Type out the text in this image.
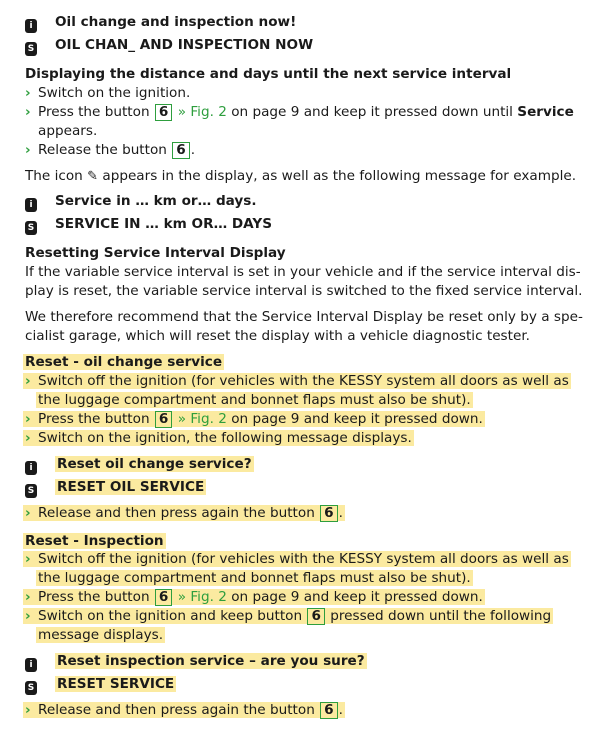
i Oil change and inspection now!
S OIL CHAN_ AND INSPECTION NOW
Displaying the distance and days until the next service interval
› Switch on the ignition.
› Press the button 6 » Fig. 2 on page 9 and keep it pressed down until Service
appears.
› Release the button 6 .
The icon ✎ appears in the display, as well as the following message for example.
i Service in … km or… days.
S SERVICE IN … km OR… DAYS
Resetting Service Interval Display
If the variable service interval is set in your vehicle and if the service interval dis-
play is reset, the variable service interval is switched to the fixed service interval.
We therefore recommend that the Service Interval Display be reset only by a spe-
cialist garage, which will reset the display with a vehicle diagnostic tester.
Reset - oil change service
› Switch off the ignition (for vehicles with the KESSY system all doors as well as
the luggage compartment and bonnet flaps must also be shut).
› Press the button 6 » Fig. 2 on page 9 and keep it pressed down.
› Switch on the ignition, the following message displays.
i Reset oil change service?
S RESET OIL SERVICE
› Release and then press again the button 6 .
Reset - Inspection
› Switch off the ignition (for vehicles with the KESSY system all doors as well as
the luggage compartment and bonnet flaps must also be shut).
› Press the button 6 » Fig. 2 on page 9 and keep it pressed down.
› Switch on the ignition and keep button 6 pressed down until the following
message displays.
i Reset inspection service – are you sure?
S RESET SERVICE
› Release and then press again the button 6 .
